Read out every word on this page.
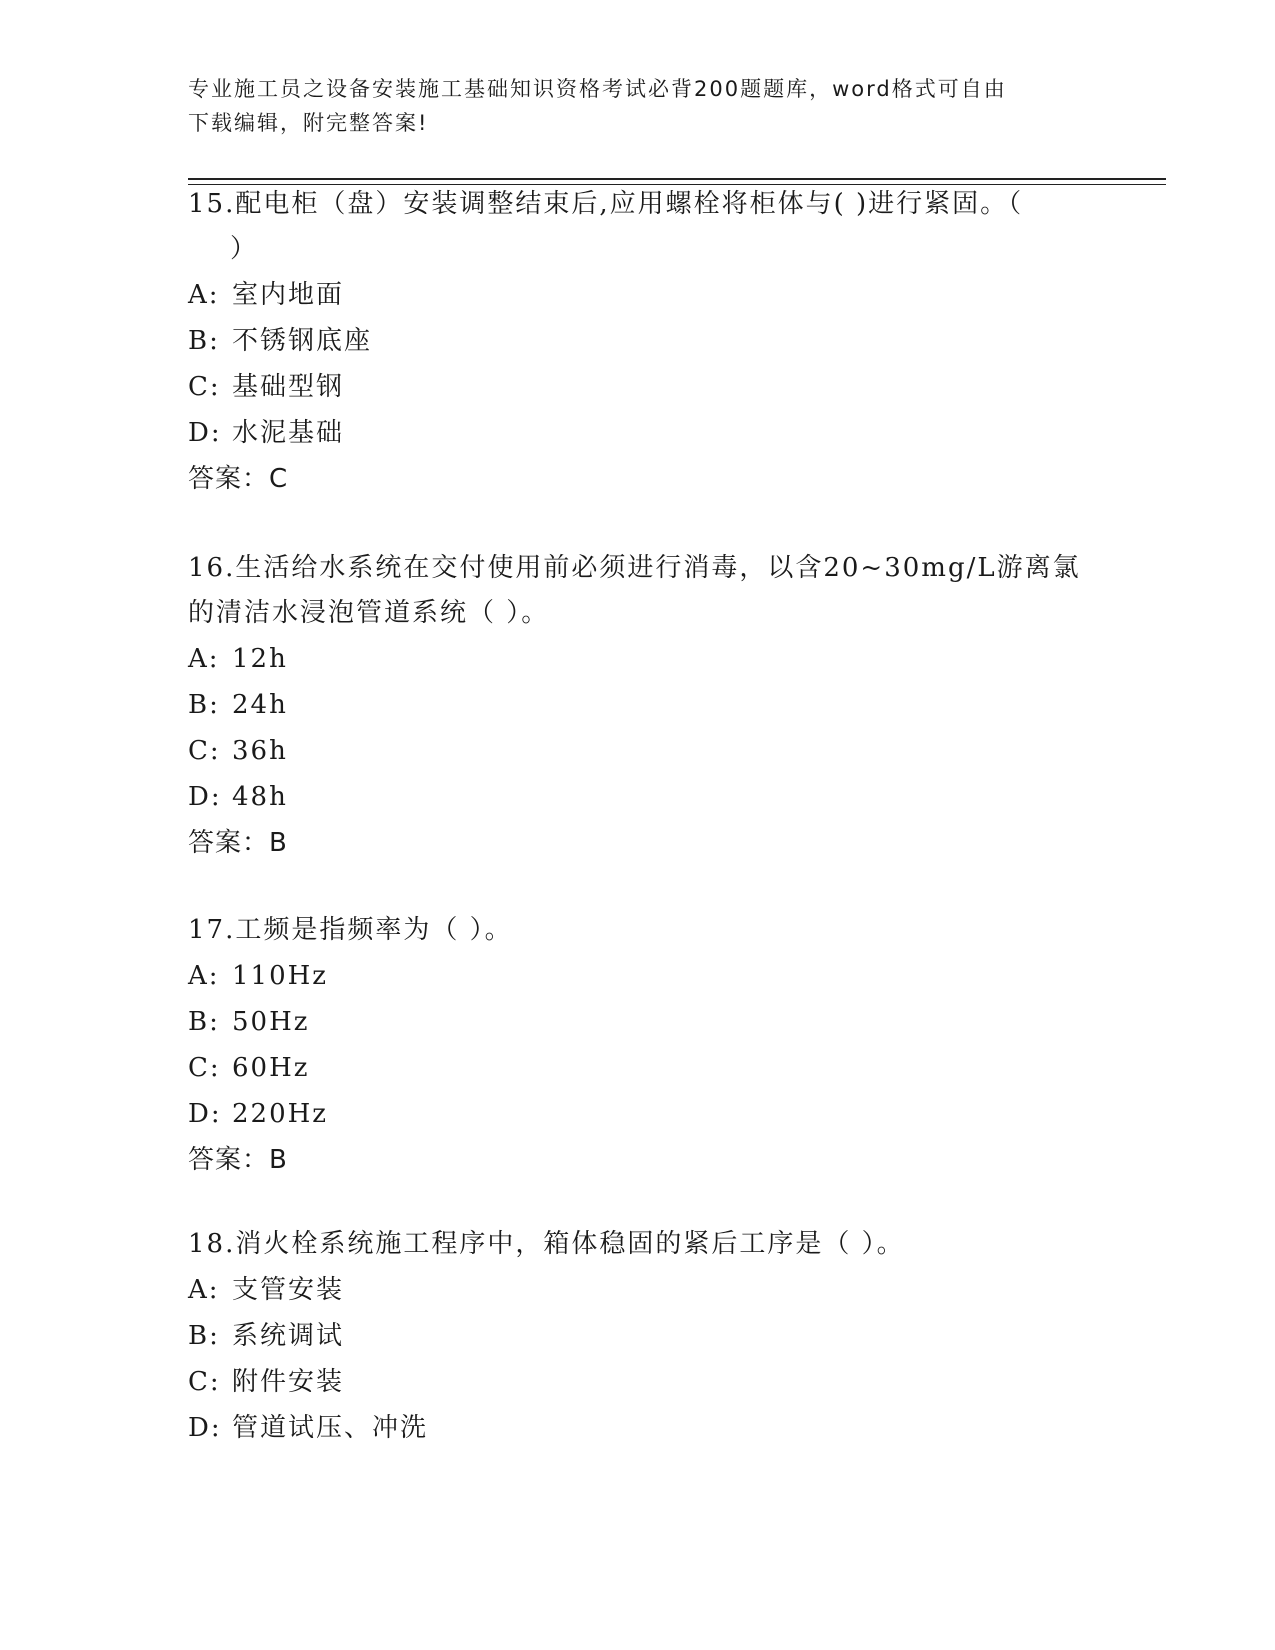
专业施工员之设备安装施工基础知识资格考试必背200题题库，word格式可自由
下载编辑，附完整答案!
15.配电柜（盘）安装调整结束后,应用螺栓将柜体与( )进行紧固。（
）
A: 室内地面
B: 不锈钢底座
C: 基础型钢
D: 水泥基础
答案：C
16.生活给水系统在交付使用前必须进行消毒，以含20~30mg/L游离氯
的清洁水浸泡管道系统（ ）。
A: 12h
B: 24h
C: 36h
D: 48h
答案：B
17.工频是指频率为（ ）。
A: 110Hz
B: 50Hz
C: 60Hz
D: 220Hz
答案：B
18.消火栓系统施工程序中，箱体稳固的紧后工序是（ ）。
A: 支管安装
B: 系统调试
C: 附件安装
D: 管道试压、冲洗
